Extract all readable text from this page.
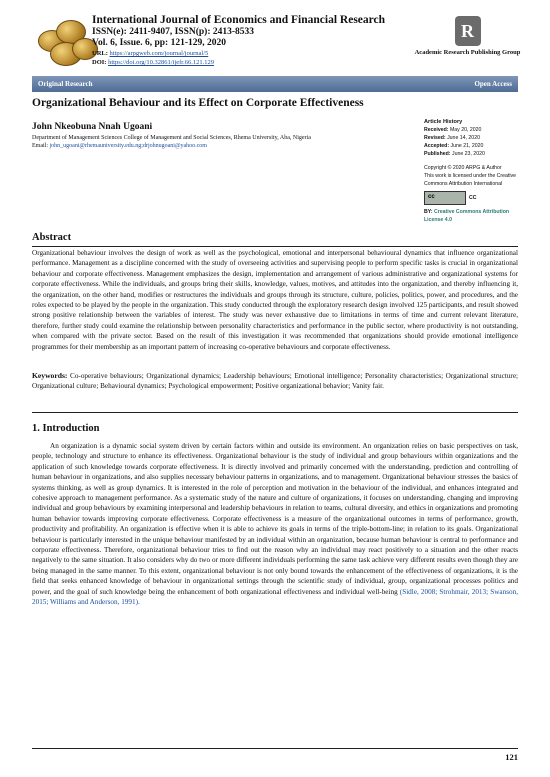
International Journal of Economics and Financial Research
ISSN(e): 2411-9407, ISSN(p): 2413-8533
Vol. 6, Issue. 6, pp: 121-129, 2020
URL: https://arpgweb.com/journal/journal/5
DOI: https://doi.org/10.32861/ijefr.66.121.129
R
Academic Research Publishing Group
Original Research	Open Access
Organizational Behaviour and its Effect on Corporate Effectiveness
John Nkeobuna Nnah Ugoani
Department of Management Sciences College of Management and Social Sciences, Rhema University, Aba, Nigeria
Email: john_ugoani@rhemauniversity.edu.ng;drjohnugoani@yahoo.com
Article History
Received: May 20, 2020
Revised: June 14, 2020
Accepted: June 21, 2020
Published: June 23, 2020
Copyright © 2020 ARPG & Author
This work is licensed under the Creative Commons Attribution International
cc	CC
BY: Creative Commons Attribution License 4.0
Abstract
Organizational behaviour involves the design of work as well as the psychological, emotional and interpersonal behavioural dynamics that influence organizational performance. Management as a discipline concerned with the study of overseeing activities and supervising people to perform specific tasks is crucial in organizational behaviour and corporate effectiveness. Management emphasizes the design, implementation and arrangement of various administrative and organizational systems for corporate effectiveness. While the individuals, and groups bring their skills, knowledge, values, motives, and attitudes into the organization, and thereby influencing it, the organization, on the other hand, modifies or restructures the individuals and groups through its structure, culture, policies, politics, power, and procedures, and the roles expected to be played by the people in the organization. This study conducted through the exploratory research design involved 125 participants, and result showed strong positive relationship between the variables of interest. The study was never exhaustive due to limitations in terms of time and current relevant literature, therefore, further study could examine the relationship between personality characteristics and performance in the public sector, where productivity is not outstanding, when compared with the private sector. Based on the result of this investigation it was recommended that organizations should provide emotional intelligence programmes for their membership as an important pattern of increasing co-operative behaviours and corporate effectiveness.
Keywords: Co-operative behaviours; Organizational dynamics; Leadership behaviours; Emotional intelligence; Personality characteristics; Organizational structure; Organizational culture; Behavioural dynamics; Psychological empowerment; Positive organizational behavior; Vanity fair.
1. Introduction
An organization is a dynamic social system driven by certain factors within and outside its environment. An organization relies on basic perspectives on task, people, technology and structure to enhance its effectiveness. Organizational behaviour is the study of individual and group behaviours within organizations and the application of such knowledge towards corporate effectiveness. It is directly involved and primarily concerned with the understanding, prediction and controlling of human behaviour in organizations, and also supplies necessary behaviour patterns in organizations, and to management. Organizational behaviour stresses the basics of systems thinking, as well as group dynamics. It is interested in the role of perception and motivation in the behaviour of the individual, and enhances integrated and cohesive approach to management performance. As a systematic study of the nature and culture of organizations, it focuses on understanding, changing and improving individual and group behaviours by examining interpersonal and leadership behaviours in relation to teams, cultural diversity, and ethics in organizations and promoting human behavior towards improving corporate effectiveness. Corporate effectiveness is a measure of the organizational outcomes in terms of performance, growth, productivity and profitability. An organization is effective when it is able to achieve its goals in terms of the triple-bottom-line; in relation to its goals. Organizational behaviour is particularly interested in the unique behaviour manifested by an individual within an organization, because human behaviour is central to performance and corporate effectiveness. Therefore, organizational behaviour tries to find out the reason why an individual may react positively to a situation and the other reacts negatively to the same situation. It also considers why do two or more different individuals performing the same task achieve very different results even though they are being managed in the same manner. To this extent, organizational behaviour is not only bound towards the enhancement of the effectiveness of organizations, it is the field that seeks enhanced knowledge of behaviour in organizational settings through the scientific study of individual, group, organizational processes politics and power, and the goal of such knowledge being the enhancement of both organizational effectiveness and individual well-being (Sidle, 2008; Strohmair, 2013; Swanson, 2015; Williams and Anderson, 1991).
121
